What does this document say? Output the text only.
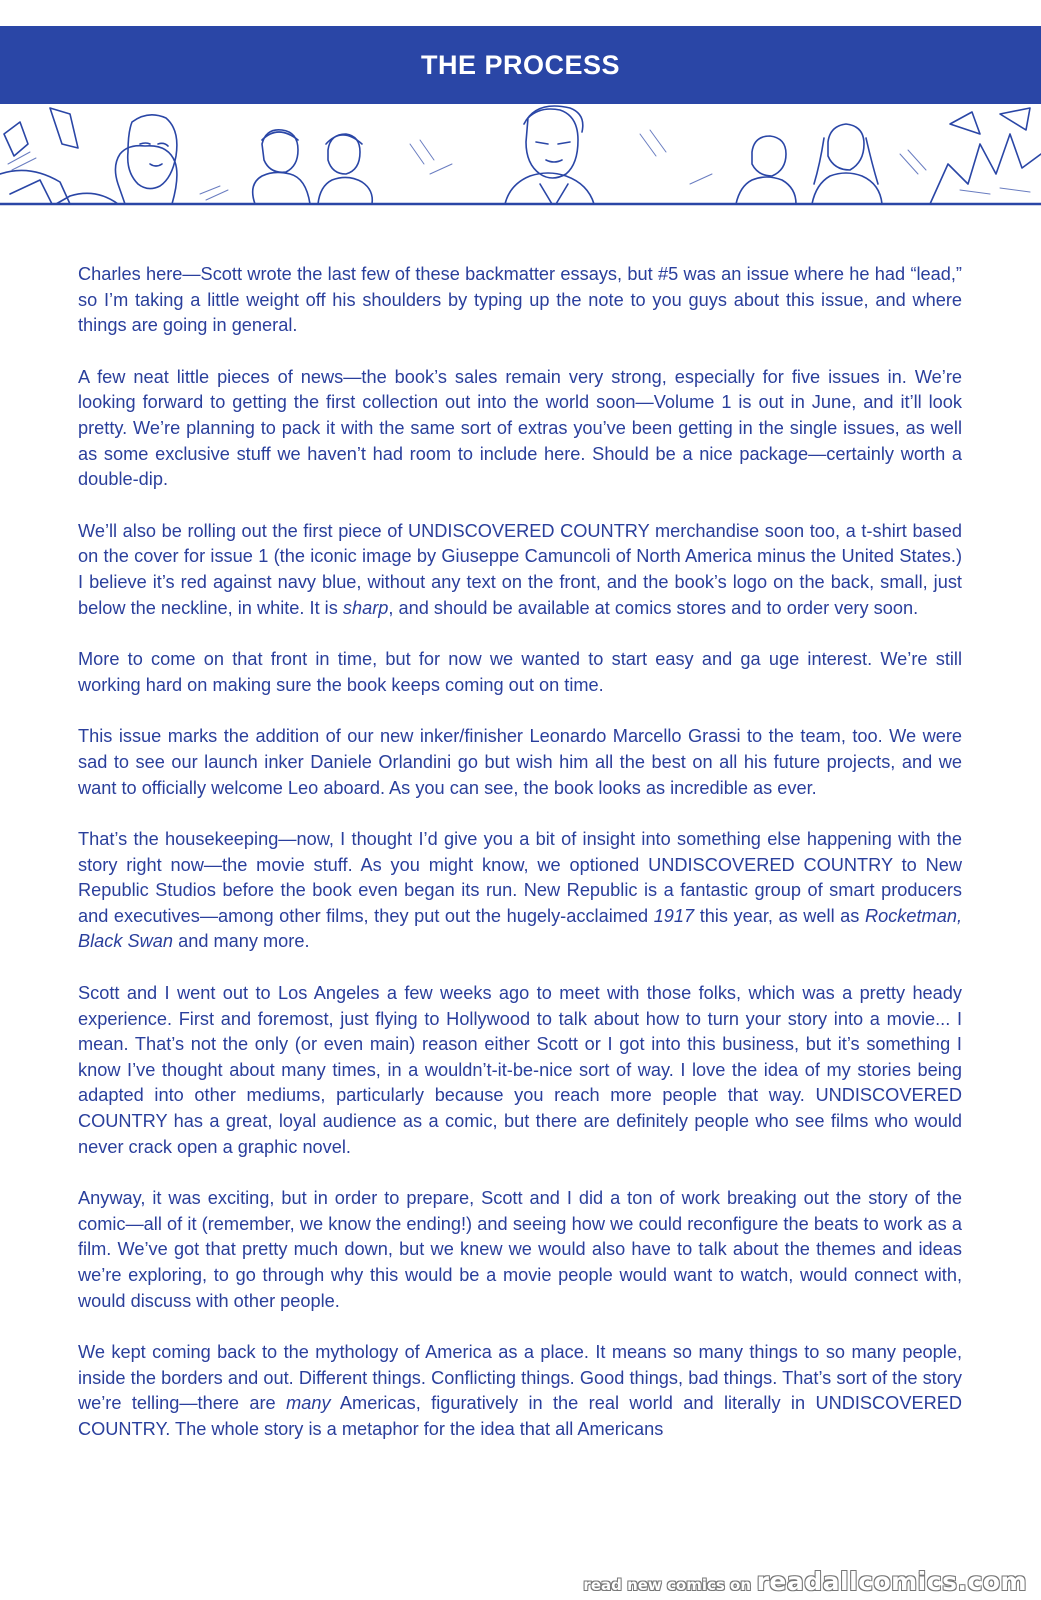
THE PROCESS

Charles here—Scott wrote the last few of these backmatter essays, but #5 was an issue where he had “lead,” so I’m taking a little weight off his shoulders by typing up the note to you guys about this issue, and where things are going in general.

A few neat little pieces of news—the book’s sales remain very strong, especially for five issues in. We’re looking forward to getting the first collection out into the world soon—Volume 1 is out in June, and it’ll look pretty. We’re planning to pack it with the same sort of extras you’ve been getting in the single issues, as well as some exclusive stuff we haven’t had room to include here. Should be a nice package—certainly worth a double-dip.

We’ll also be rolling out the first piece of UNDISCOVERED COUNTRY merchandise soon too, a t-shirt based on the cover for issue 1 (the iconic image by Giuseppe Camuncoli of North America minus the United States.) I believe it’s red against navy blue, without any text on the front, and the book’s logo on the back, small, just below the neckline, in white. It is sharp, and should be available at comics stores and to order very soon.

More to come on that front in time, but for now we wanted to start easy and ga uge interest. We’re still working hard on making sure the book keeps coming out on time.

This issue marks the addition of our new inker/finisher Leonardo Marcello Grassi to the team, too. We were sad to see our launch inker Daniele Orlandini go but wish him all the best on all his future projects, and we want to officially welcome Leo aboard. As you can see, the book looks as incredible as ever.

That’s the housekeeping—now, I thought I’d give you a bit of insight into something else happening with the story right now—the movie stuff. As you might know, we optioned UNDISCOVERED COUNTRY to New Republic Studios before the book even began its run. New Republic is a fantastic group of smart producers and executives—among other films, they put out the hugely-acclaimed 1917 this year, as well as Rocketman, Black Swan and many more.

Scott and I went out to Los Angeles a few weeks ago to meet with those folks, which was a pretty heady experience. First and foremost, just flying to Hollywood to talk about how to turn your story into a movie... I mean. That’s not the only (or even main) reason either Scott or I got into this business, but it’s something I know I’ve thought about many times, in a wouldn’t-it-be-nice sort of way. I love the idea of my stories being adapted into other mediums, particularly because you reach more people that way. UNDISCOVERED COUNTRY has a great, loyal audience as a comic, but there are definitely people who see films who would never crack open a graphic novel.

Anyway, it was exciting, but in order to prepare, Scott and I did a ton of work breaking out the story of the comic—all of it (remember, we know the ending!) and seeing how we could reconfigure the beats to work as a film. We’ve got that pretty much down, but we knew we would also have to talk about the themes and ideas we’re exploring, to go through why this would be a movie people would want to watch, would connect with, would discuss with other people.

We kept coming back to the mythology of America as a place. It means so many things to so many people, inside the borders and out. Different things. Conflicting things. Good things, bad things. That’s sort of the story we’re telling—there are many Americas, figuratively in the real world and literally in UNDISCOVERED COUNTRY. The whole story is a metaphor for the idea that all Americans

read new comics on readallcomics.com
